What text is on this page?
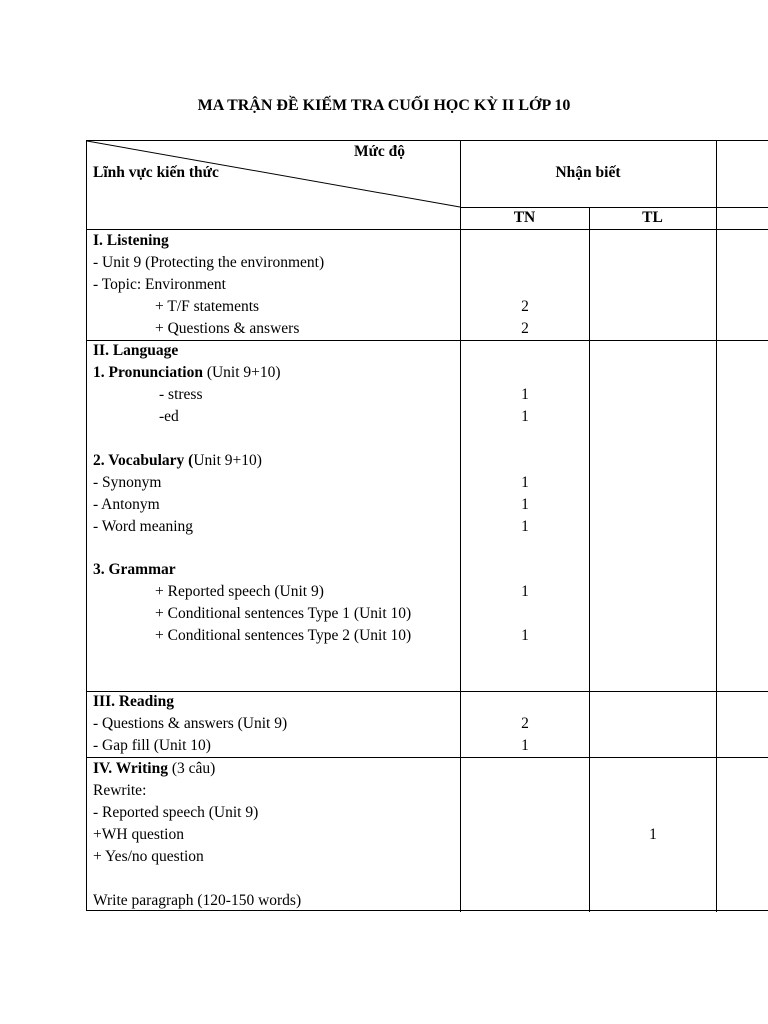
MA TRẬN ĐỀ KIẾM TRA CUỐI HỌC KỲ II LỚP 10
Mức độ
Lĩnh vực kiến thức	Nhận biết
TN	TL
I. Listening
- Unit 9 (Protecting the environment)
- Topic: Environment
+ T/F statements
+ Questions & answers
2
2
II. Language
1. Pronunciation (Unit 9+10)
- stress
-ed
1
1
2. Vocabulary (Unit 9+10)
- Synonym
- Antonym
- Word meaning
1
1
1
3. Grammar
+ Reported speech (Unit 9)
+ Conditional sentences Type 1 (Unit 10)
+ Conditional sentences Type 2 (Unit 10)
1
1
III. Reading
- Questions & answers (Unit 9)
- Gap fill (Unit 10)
2
1
IV. Writing (3 câu)
Rewrite:
- Reported speech (Unit 9)
+WH question
+ Yes/no question
Write paragraph (120-150 words)
1
